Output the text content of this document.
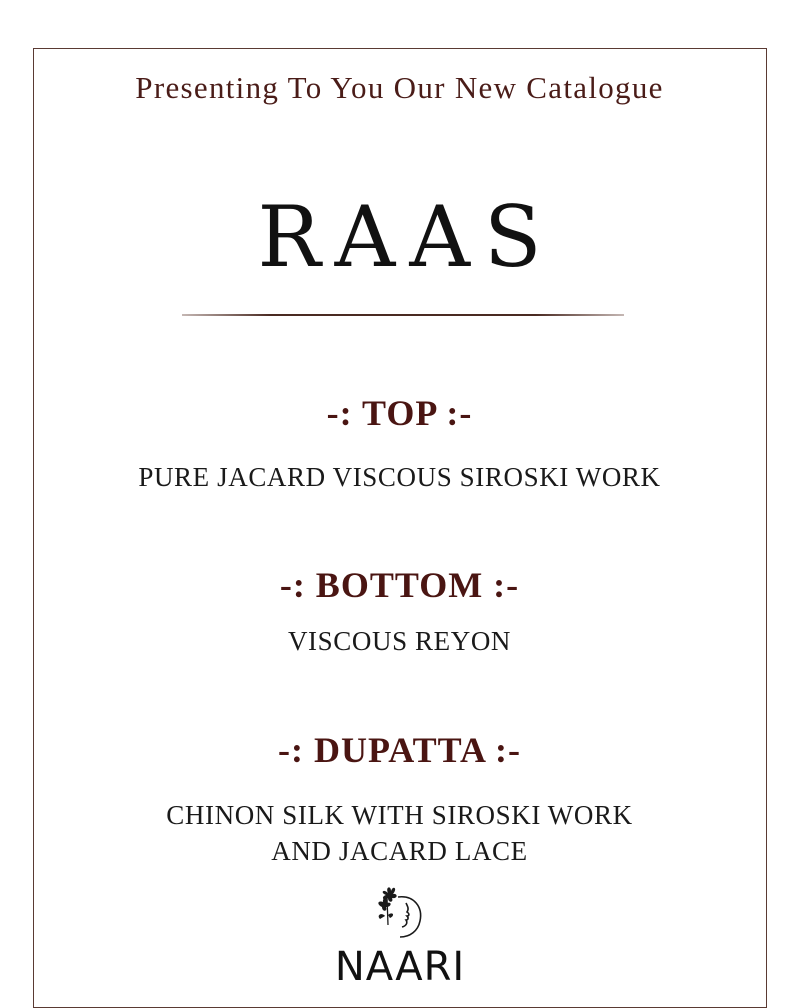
Presenting To You Our New Catalogue
RAAS
-: TOP :-
PURE JACARD VISCOUS SIROSKI WORK
-: BOTTOM :-
VISCOUS REYON
-: DUPATTA :-
CHINON SILK WITH SIROSKI WORK
AND JACARD LACE
NAARI
